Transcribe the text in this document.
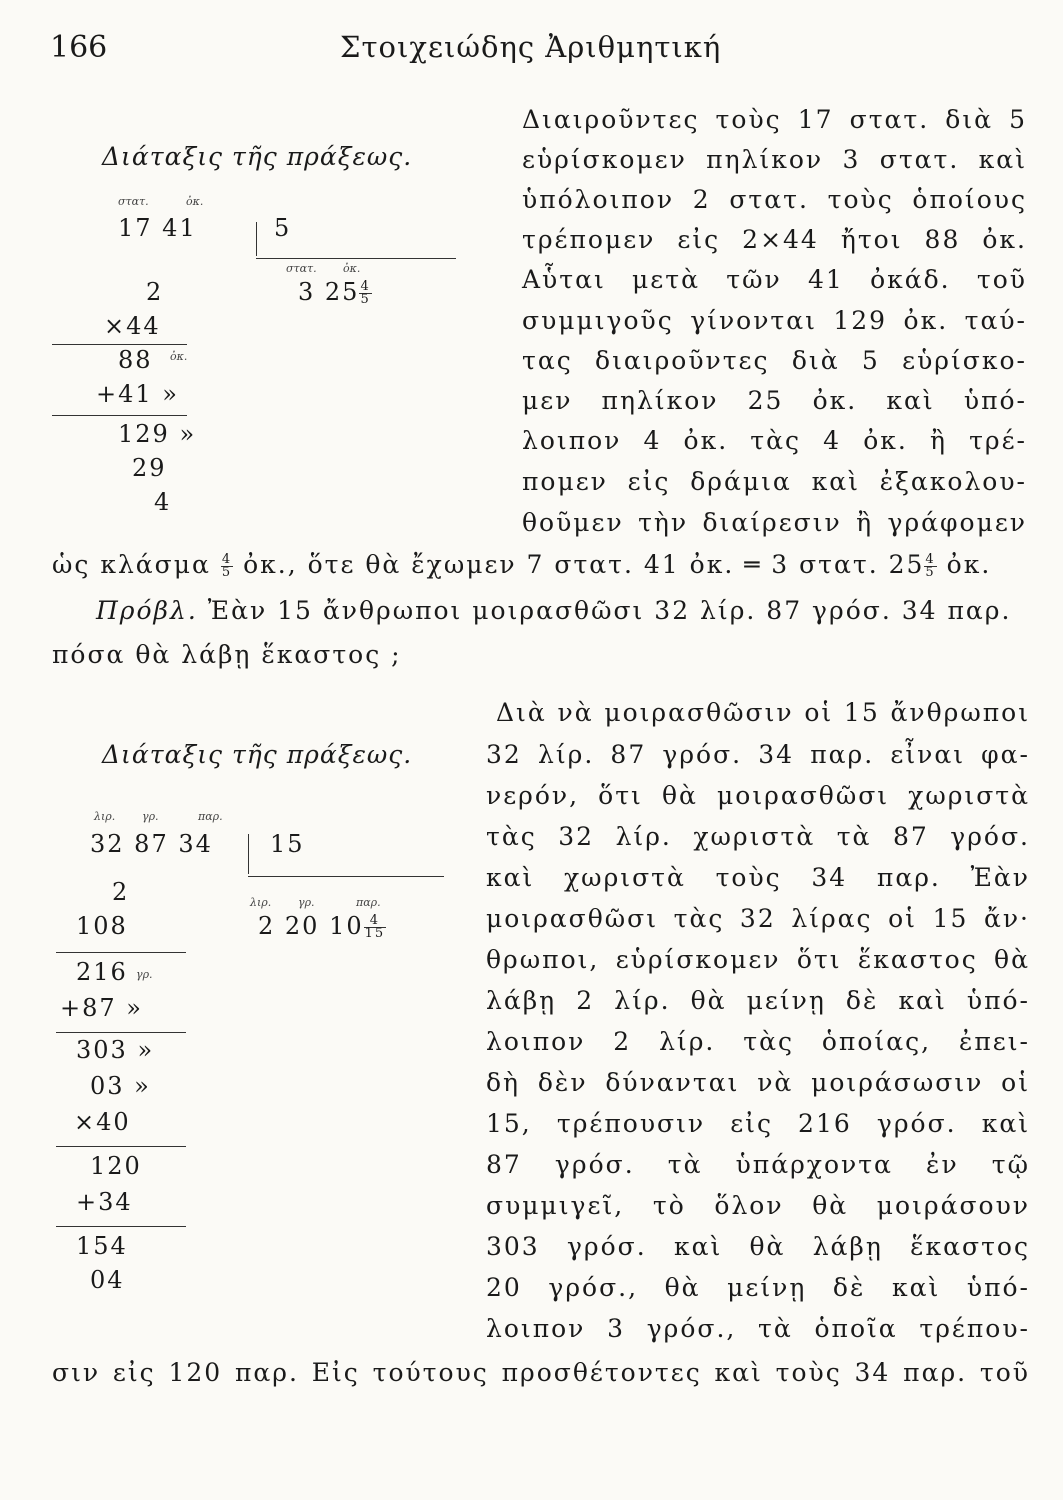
166	Στοιχειώδης Ἀριθμητική
Διάταξις τῆς πράξεως.
στατ.	ὀκ.
17 41	5
στατ. ὀκ.
3 $25 \frac{4}{5}$
2
×44
88 ὀκ.
+41 »
129 »
29
4
Διαιροῦντες τοὺς 17 στατ. διὰ 5
εὑρίσκομεν πηλίκον 3 στατ. καὶ
ὑπόλοιπον 2 στατ. τοὺς ὁποίους
τρέπομεν εἰς 2⨯44 ἤτοι 88 ὀκ.
Αὗται μετὰ τῶν 41 ὀκάδ. τοῦ
συμμιγοῦς γίνονται 129 ὀκ. ταύ-
τας διαιροῦντες διὰ 5 εὑρίσκο-
μεν πηλίκον 25 ὀκ. καὶ ὑπό-
λοιπον 4 ὀκ. τὰς 4 ὀκ. ἢ τρέ-
πομεν εἰς δράμια καὶ ἐξακολου-
θοῦμεν τὴν διαίρεσιν ἢ γράφομεν
ὡς κλάσμα $\frac{4}{5}$ ὀκ., ὅτε θὰ ἔχωμεν 7 στατ. 41 ὀκ. ═ 3 στατ. $25 \frac{4}{5}$ ὀκ.
Πρόβλ. Ἐὰν 15 ἄνθρωποι μοιρασθῶσι 32 λίρ. 87 γρόσ. 34 παρ.
πόσα θὰ λάβῃ ἕκαστος ;
Διάταξις τῆς πράξεως.
λιρ. γρ.	παρ.
32 87 34 15
λιρ. γρ.	παρ.
2 20 $10 \frac{4}{15}$
2
108
216 γρ.
+87 »
303 »
03 »
⨯40
120
+34
154
04
Διὰ νὰ μοιρασθῶσιν οἱ 15 ἄνθρωποι
32 λίρ. 87 γρόσ. 34 παρ. εἶναι φα-
νερόν, ὅτι θὰ μοιρασθῶσι χωριστὰ
τὰς 32 λίρ. χωριστὰ τὰ 87 γρόσ.
καὶ χωριστὰ τοὺς 34 παρ. Ἐὰν
μοιρασθῶσι τὰς 32 λίρας οἱ 15 ἄν·
θρωποι, εὑρίσκομεν ὅτι ἕκαστος θὰ
λάβῃ 2 λίρ. θὰ μείνῃ δὲ καὶ ὑπό-
λοιπον 2 λίρ. τὰς ὁποίας, ἐπει-
δὴ δὲν δύνανται νὰ μοιράσωσιν οἱ
15, τρέπουσιν εἰς 216 γρόσ. καὶ
87 γρόσ. τὰ ὑπάρχοντα ἐν τῷ
συμμιγεῖ, τὸ ὅλον θὰ μοιράσουν
303 γρόσ. καὶ θὰ λάβῃ ἕκαστος
20 γρόσ., θὰ μείνῃ δὲ καὶ ὑπό-
λοιπον 3 γρόσ., τὰ ὁποῖα τρέπου-
σιν εἰς 120 παρ. Εἰς τούτους προσθέτοντες καὶ τοὺς 34 παρ. τοῦ
